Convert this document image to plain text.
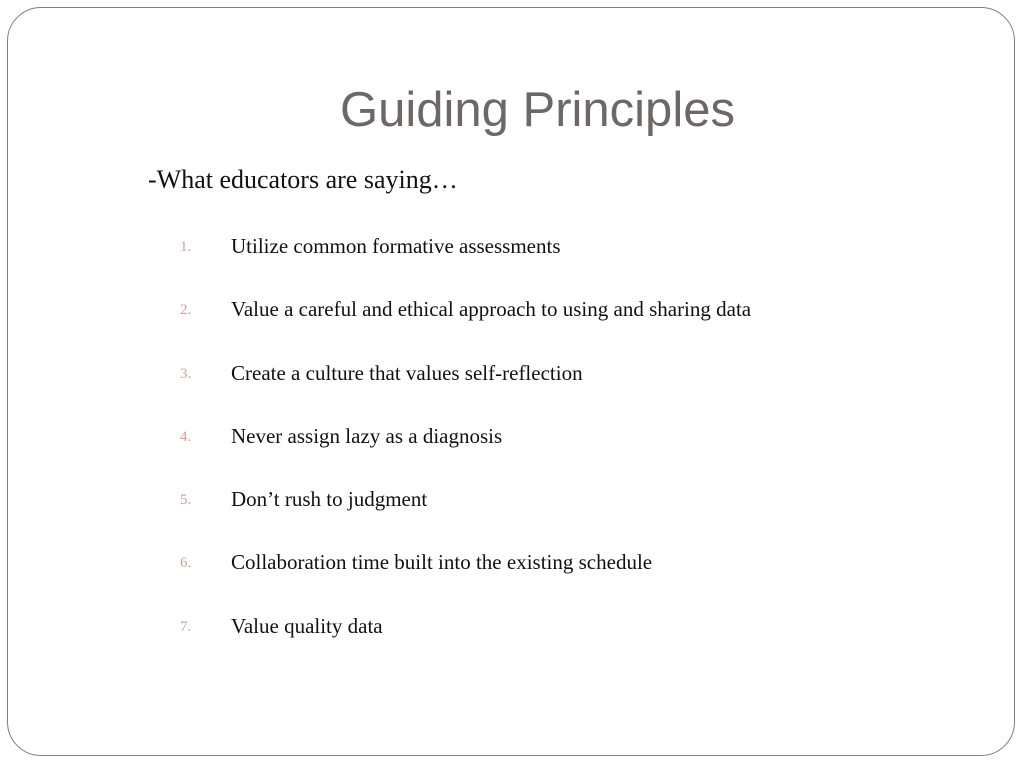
Guiding Principles
-What educators are saying…
1. Utilize common formative assessments
2. Value a careful and ethical approach to using and sharing data
3. Create a culture that values self-reflection
4. Never assign lazy as a diagnosis
5. Don’t rush to judgment
6. Collaboration time built into the existing schedule
7. Value quality data
